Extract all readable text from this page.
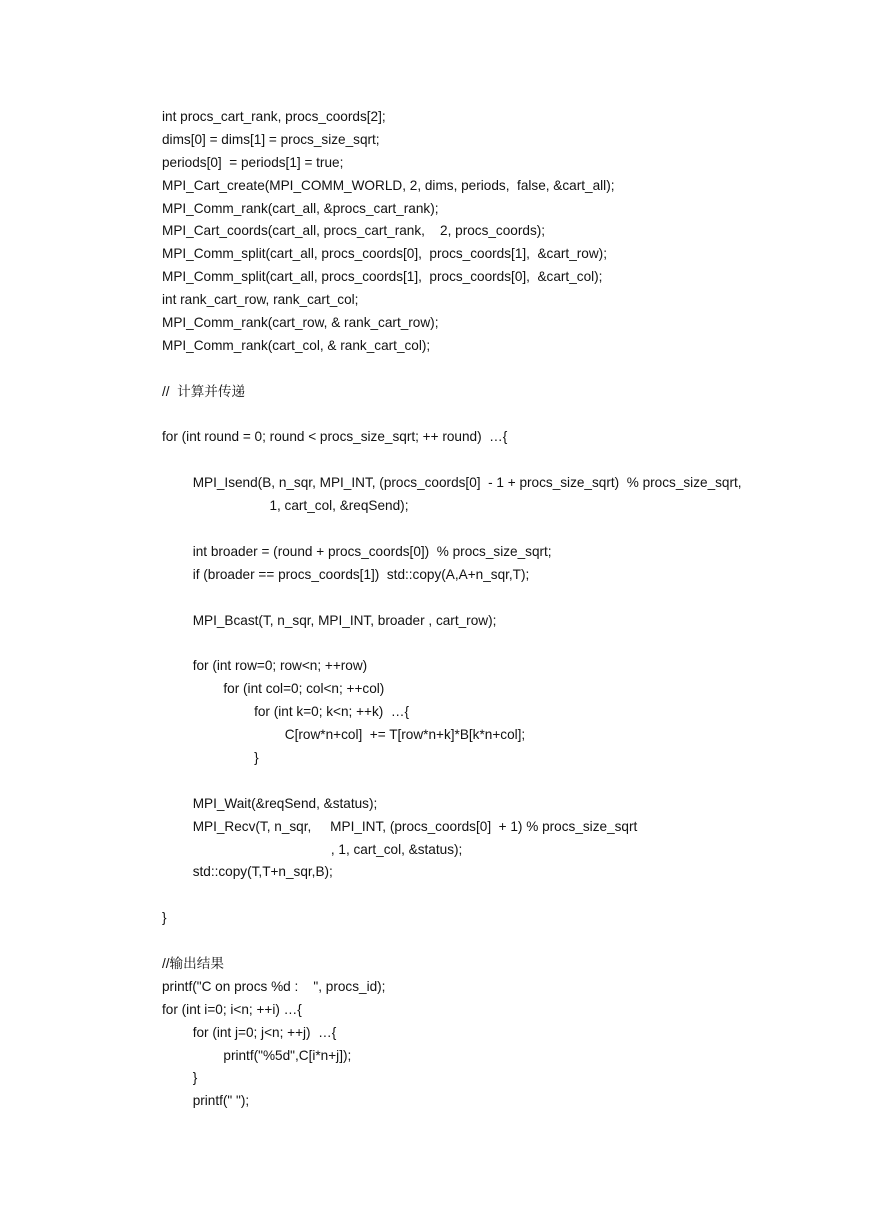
int procs_cart_rank, procs_coords[2];
dims[0] = dims[1] = procs_size_sqrt;
periods[0]  = periods[1] = true;
MPI_Cart_create(MPI_COMM_WORLD, 2, dims, periods,  false, &cart_all);
MPI_Comm_rank(cart_all, &procs_cart_rank);
MPI_Cart_coords(cart_all, procs_cart_rank,    2, procs_coords);
MPI_Comm_split(cart_all, procs_coords[0],  procs_coords[1],  &cart_row);
MPI_Comm_split(cart_all, procs_coords[1],  procs_coords[0],  &cart_col);
int rank_cart_row, rank_cart_col;
MPI_Comm_rank(cart_row, & rank_cart_row);
MPI_Comm_rank(cart_col, & rank_cart_col);
//  计算并传递
for (int round = 0; round < procs_size_sqrt; ++ round)  …{
MPI_Isend(B, n_sqr, MPI_INT, (procs_coords[0]  - 1 + procs_size_sqrt)  % procs_size_sqrt,
1, cart_col, &reqSend);
int broader = (round + procs_coords[0])  % procs_size_sqrt;
if (broader == procs_coords[1])  std::copy(A,A+n_sqr,T);
MPI_Bcast(T, n_sqr, MPI_INT, broader , cart_row);
for (int row=0; row<n; ++row)
for (int col=0; col<n; ++col)
for (int k=0; k<n; ++k)  …{
C[row*n+col]  += T[row*n+k]*B[k*n+col];
}
MPI_Wait(&reqSend, &status);
MPI_Recv(T, n_sqr,     MPI_INT, (procs_coords[0]  + 1) % procs_size_sqrt
, 1, cart_col, &status);
std::copy(T,T+n_sqr,B);
}
//输出结果
printf("C on procs %d :    ", procs_id);
for (int i=0; i<n; ++i) …{
for (int j=0; j<n; ++j)  …{
printf("%5d",C[i*n+j]);
}
printf(" ");
